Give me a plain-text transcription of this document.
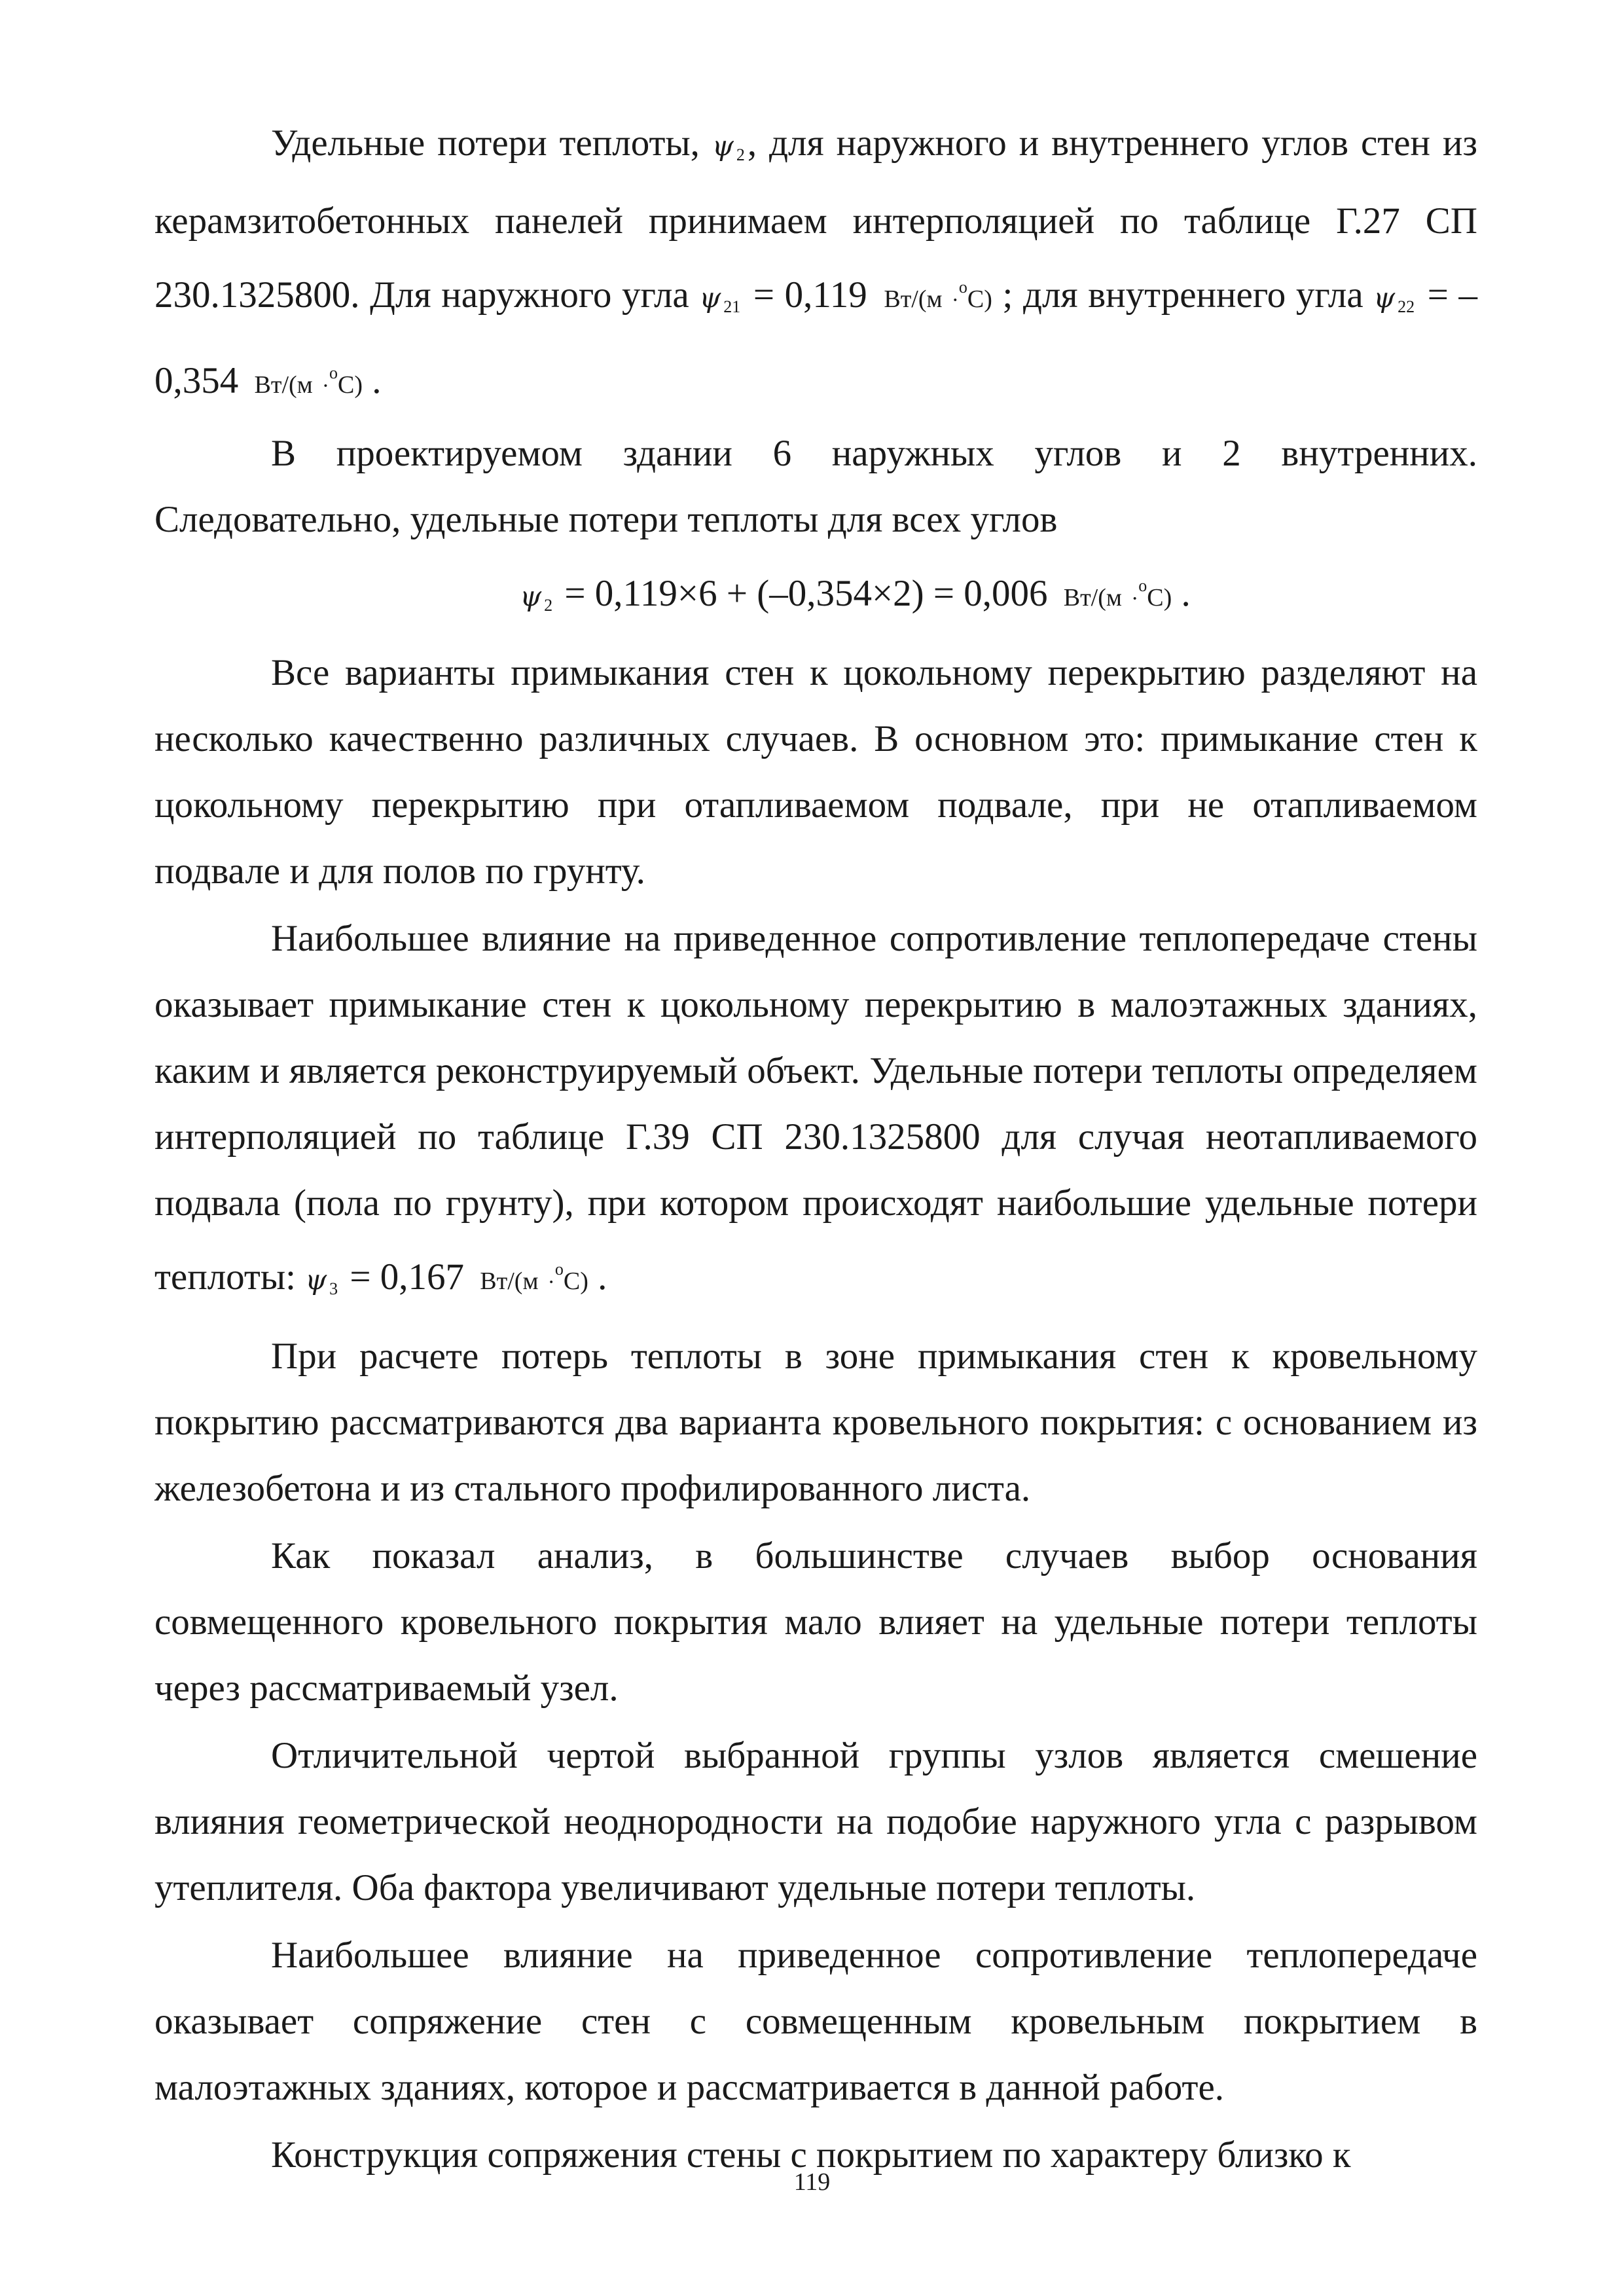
Удельные потери теплоты, ψ $_2$, для наружного и внутреннего углов стен из керамзитобетонных панелей принимаем интерполяцией по таблице Г.27 СП 230.1325800. Для наружного угла ψ $_{21}$ = 0,119 Вт/(м ·$^о$С) ; для внутреннего угла ψ $_{22}$ = –0,354 Вт/(м ·$^о$С) .

В проектируемом здании 6 наружных углов и 2 внутренних. Следовательно, удельные потери теплоты для всех углов

ψ $_2$ = 0,119×6 + (–0,354×2) = 0,006 Вт/(м ·$^о$С) .

Все варианты примыкания стен к цокольному перекрытию разделяют на несколько качественно различных случаев. В основном это: примыкание стен к цокольному перекрытию при отапливаемом подвале, при не отапливаемом подвале и для полов по грунту.

Наибольшее влияние на приведенное сопротивление теплопередаче стены оказывает примыкание стен к цокольному перекрытию в малоэтажных зданиях, каким и является реконструируемый объект. Удельные потери теплоты определяем интерполяцией по таблице Г.39 СП 230.1325800 для случая неотапливаемого подвала (пола по грунту), при котором происходят наибольшие удельные потери теплоты: ψ $_3$ = 0,167 Вт/(м ·$^о$С) .

При расчете потерь теплоты в зоне примыкания стен к кровельному покрытию рассматриваются два варианта кровельного покрытия: с основанием из железобетона и из стального профилированного листа.

Как показал анализ, в большинстве случаев выбор основания совмещенного кровельного покрытия мало влияет на удельные потери теплоты через рассматриваемый узел.

Отличительной чертой выбранной группы узлов является смешение влияния геометрической неоднородности на подобие наружного угла с разрывом утеплителя. Оба фактора увеличивают удельные потери теплоты.

Наибольшее влияние на приведенное сопротивление теплопередаче оказывает сопряжение стен с совмещенным кровельным покрытием в малоэтажных зданиях, которое и рассматривается в данной работе.

Конструкция сопряжения стены с покрытием по характеру близко к

119
